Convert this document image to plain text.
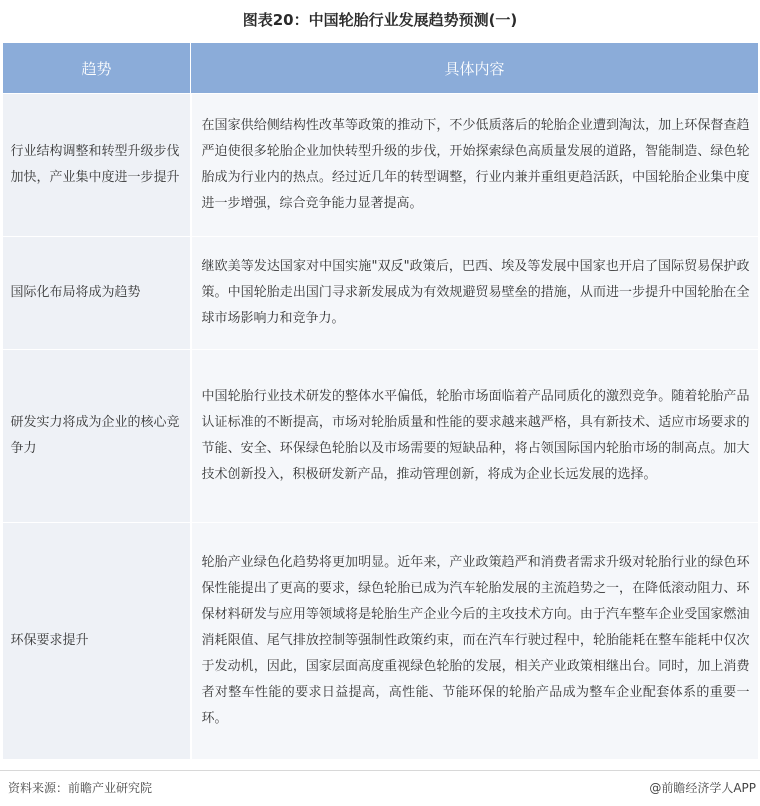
图表20：中国轮胎行业发展趋势预测(一)
趋势	具体内容
行业结构调整和转型升级步伐加快，产业集中度进一步提升	在国家供给侧结构性改革等政策的推动下，不少低质落后的轮胎企业遭到淘汰，加上环保督查趋严迫使很多轮胎企业加快转型升级的步伐，开始探索绿色高质量发展的道路，智能制造、绿色轮胎成为行业内的热点。经过近几年的转型调整，行业内兼并重组更趋活跃，中国轮胎企业集中度进一步增强，综合竞争能力显著提高。
国际化布局将成为趋势	继欧美等发达国家对中国实施"双反"政策后，巴西、埃及等发展中国家也开启了国际贸易保护政策。中国轮胎走出国门寻求新发展成为有效规避贸易壁垒的措施，从而进一步提升中国轮胎在全球市场影响力和竞争力。
研发实力将成为企业的核心竞争力	中国轮胎行业技术研发的整体水平偏低，轮胎市场面临着产品同质化的激烈竞争。随着轮胎产品认证标准的不断提高，市场对轮胎质量和性能的要求越来越严格，具有新技术、适应市场要求的节能、安全、环保绿色轮胎以及市场需要的短缺品种，将占领国际国内轮胎市场的制高点。加大技术创新投入，积极研发新产品，推动管理创新，将成为企业长远发展的选择。
环保要求提升	轮胎产业绿色化趋势将更加明显。近年来，产业政策趋严和消费者需求升级对轮胎行业的绿色环保性能提出了更高的要求，绿色轮胎已成为汽车轮胎发展的主流趋势之一，在降低滚动阻力、环保材料研发与应用等领域将是轮胎生产企业今后的主攻技术方向。由于汽车整车企业受国家燃油消耗限值、尾气排放控制等强制性政策约束，而在汽车行驶过程中，轮胎能耗在整车能耗中仅次于发动机，因此，国家层面高度重视绿色轮胎的发展，相关产业政策相继出台。同时，加上消费者对整车性能的要求日益提高，高性能、节能环保的轮胎产品成为整车企业配套体系的重要一环。
资料来源：前瞻产业研究院	@前瞻经济学人APP
